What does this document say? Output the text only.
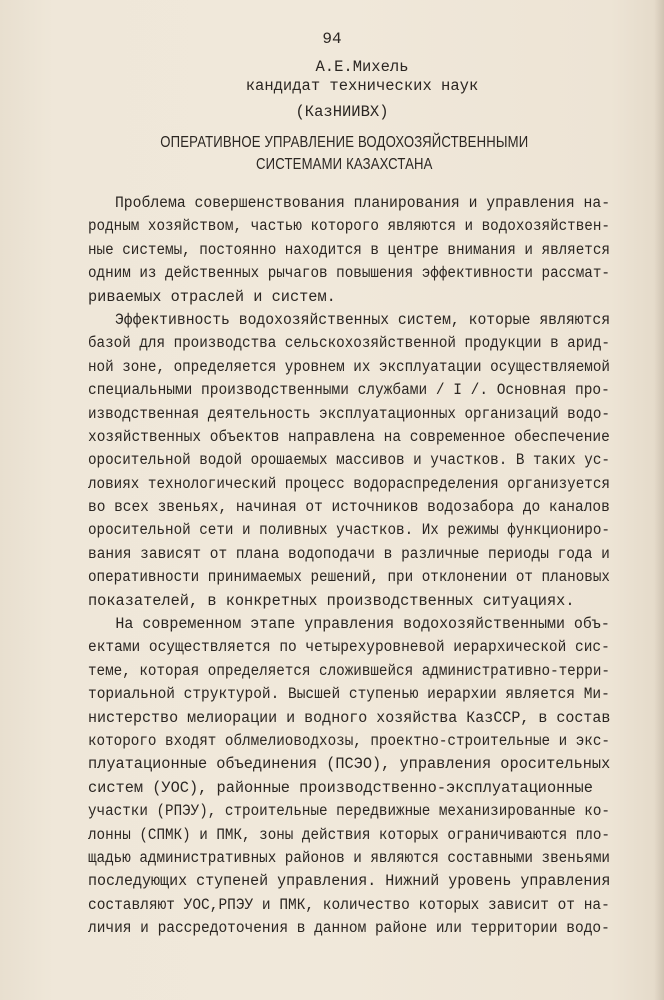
94
А.Е.Михель
кандидат технических наук
(КазНИИВХ)
ОПЕРАТИВНОЕ УПРАВЛЕНИЕ ВОДОХОЗЯЙСТВЕННЫМИ
СИСТЕМАМИ КАЗАХСТАНА
Проблема совершенствования планирования и управления на-
родным хозяйством, частью которого являются и водохозяйствен-
ные системы, постоянно находится в центре внимания и является
одним из действенных рычагов повышения эффективности рассмат-
риваемых отраслей и систем.
Эффективность водохозяйственных систем, которые являются
базой для производства сельскохозяйственной продукции в арид-
ной зоне, определяется уровнем их эксплуатации осуществляемой
специальными производственными службами / I /. Основная про-
изводственная деятельность эксплуатационных организаций водо-
хозяйственных объектов направлена на современное обеспечение
оросительной водой орошаемых массивов и участков. В таких ус-
ловиях технологический процесс водораспределения организуется
во всех звеньях, начиная от источников водозабора до каналов
оросительной сети и поливных участков. Их режимы функциониро-
вания зависят от плана водоподачи в различные периоды года и
оперативности принимаемых решений, при отклонении от плановых
показателей, в конкретных производственных ситуациях.
На современном этапе управления водохозяйственными объ-
ектами осуществляется по четырехуровневой иерархической сис-
теме, которая определяется сложившейся административно-терри-
ториальной структурой. Высшей ступенью иерархии является Ми-
нистерство мелиорации и водного хозяйства КазССР, в состав
которого входят облмелиоводхозы, проектно-строительные и экс-
плуатационные объединения (ПСЭО), управления оросительных
систем (УОС), районные производственно-эксплуатационные
участки (РПЭУ), строительные передвижные механизированные ко-
лонны (СПМК) и ПМК, зоны действия которых ограничиваются пло-
щадью административных районов и являются составными звеньями
последующих ступеней управления. Нижний уровень управления
составляют УОС,РПЭУ и ПМК, количество которых зависит от на-
личия и рассредоточения в данном районе или территории водо-
